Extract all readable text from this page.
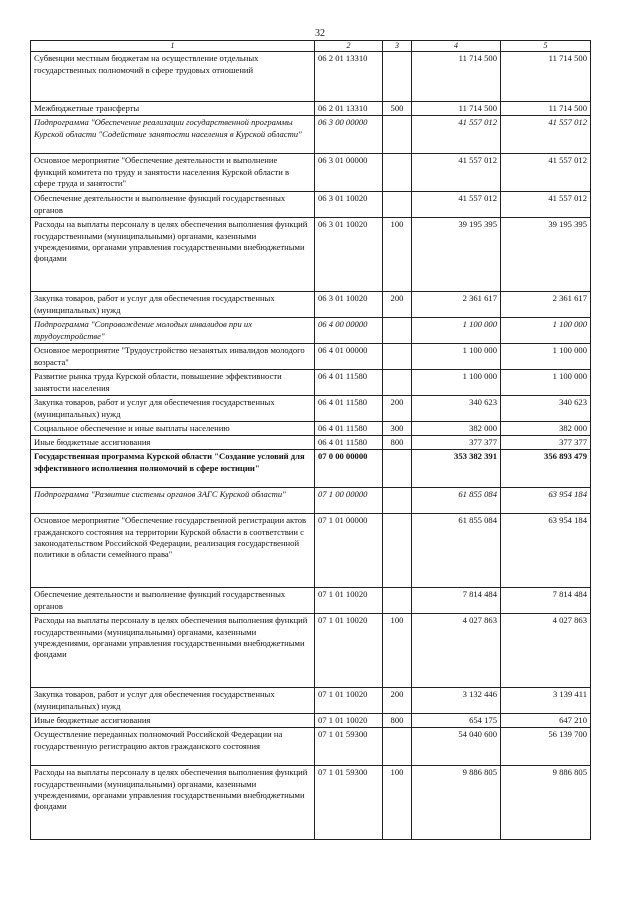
32
1	2	3	4	5
Субвенции местным бюджетам на осуществление отдельных государственных полномочий в сфере трудовых отношений	06 2 01 13310		11 714 500	11 714 500
Межбюджетные трансферты	06 2 01 13310	500	11 714 500	11 714 500
Подпрограмма "Обеспечение реализации государственной программы Курской области "Содействие занятости населения в Курской области"	06 3 00 00000		41 557 012	41 557 012
Основное мероприятие "Обеспечение деятельности и выполнение функций комитета по труду и занятости населения Курской области в сфере труда и занятости"	06 3 01 00000		41 557 012	41 557 012
Обеспечение деятельности и выполнение функций государственных органов	06 3 01 10020		41 557 012	41 557 012
Расходы на выплаты персоналу в целях обеспечения выполнения функций государственными (муниципальными) органами, казенными учреждениями, органами управления государственными внебюджетными фондами	06 3 01 10020	100	39 195 395	39 195 395
Закупка товаров, работ и услуг для обеспечения государственных (муниципальных) нужд	06 3 01 10020	200	2 361 617	2 361 617
Подпрограмма "Сопровождение молодых инвалидов при их трудоустройстве"	06 4 00 00000		1 100 000	1 100 000
Основное мероприятие "Трудоустройство незанятых инвалидов молодого возраста"	06 4 01 00000		1 100 000	1 100 000
Развитие рынка труда Курской области, повышение эффективности занятости населения	06 4 01 11580		1 100 000	1 100 000
Закупка товаров, работ и услуг для обеспечения государственных (муниципальных) нужд	06 4 01 11580	200	340 623	340 623
Социальное обеспечение и иные выплаты населению	06 4 01 11580	300	382 000	382 000
Иные бюджетные ассигнования	06 4 01 11580	800	377 377	377 377
Государственная программа Курской области "Создание условий для эффективного исполнения полномочий в сфере юстиции"	07 0 00 00000		353 382 391	356 893 479
Подпрограмма "Развитие системы органов ЗАГС Курской области"	07 1 00 00000		61 855 084	63 954 184
Основное мероприятие "Обеспечение государственной регистрации актов гражданского состояния на территории Курской области в соответствии с законодательством Российской Федерации, реализация государственной политики в области семейного права"	07 1 01 00000		61 855 084	63 954 184
Обеспечение деятельности и выполнение функций государственных органов	07 1 01 10020		7 814 484	7 814 484
Расходы на выплаты персоналу в целях обеспечения выполнения функций государственными (муниципальными) органами, казенными учреждениями, органами управления государственными внебюджетными фондами	07 1 01 10020	100	4 027 863	4 027 863
Закупка товаров, работ и услуг для обеспечения государственных (муниципальных) нужд	07 1 01 10020	200	3 132 446	3 139 411
Иные бюджетные ассигнования	07 1 01 10020	800	654 175	647 210
Осуществление переданных полномочий Российской Федерации на государственную регистрацию актов гражданского состояния	07 1 01 59300		54 040 600	56 139 700
Расходы на выплаты персоналу в целях обеспечения выполнения функций государственными (муниципальными) органами, казенными учреждениями, органами управления государственными внебюджетными фондами	07 1 01 59300	100	9 886 805	9 886 805
